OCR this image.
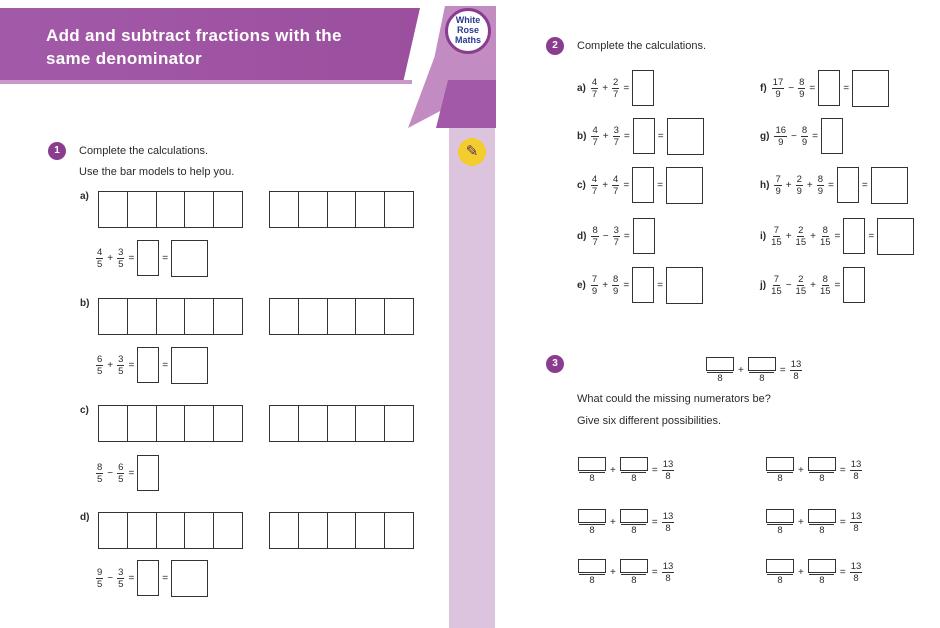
Add and subtract fractions with the same denominator
White
Rose
Maths
✎
1	Complete the calculations.
Use the bar models to help you.
a)
$\frac{4}{5} + \frac{3}{5}$ =	=
b)
$\frac{6}{5} + \frac{3}{5}$ =	=
c)
$\frac{8}{5} - \frac{6}{5}$ =
d)
$\frac{9}{5} - \frac{3}{5}$ =	=
2	Complete the calculations.
$a) \frac{4}{7} + \frac{2}{7}$ =
$b) \frac{4}{7} + \frac{3}{7}$ =	=
$c) \frac{4}{7} + \frac{4}{7}$ =	=
$d) \frac{8}{7} - \frac{3}{7}$ =
$e) \frac{7}{9} + \frac{8}{9}$ =	=
$f) \frac{17}{9} - \frac{8}{9}$ =	=
$g) \frac{16}{9} - \frac{8}{9}$ =
$h) \frac{7}{9} + \frac{2}{9} + \frac{8}{9}$ =	=
$i) \frac{7}{15} + \frac{2}{15} + \frac{8}{15}$ =	=
$j) \frac{7}{15} - \frac{2}{15} + \frac{8}{15}$ =
3
What could the missing numerators be?
Give six different possibilities.
8
+
8
= $\frac{13}{8}$
8
+
8
= $\frac{13}{8}$
8
+
8
= $\frac{13}{8}$
8
+
8
= $\frac{13}{8}$
8
+
8
= $\frac{13}{8}$
8
+
8
= $\frac{13}{8}$
8
+
8
= $\frac{13}{8}$
